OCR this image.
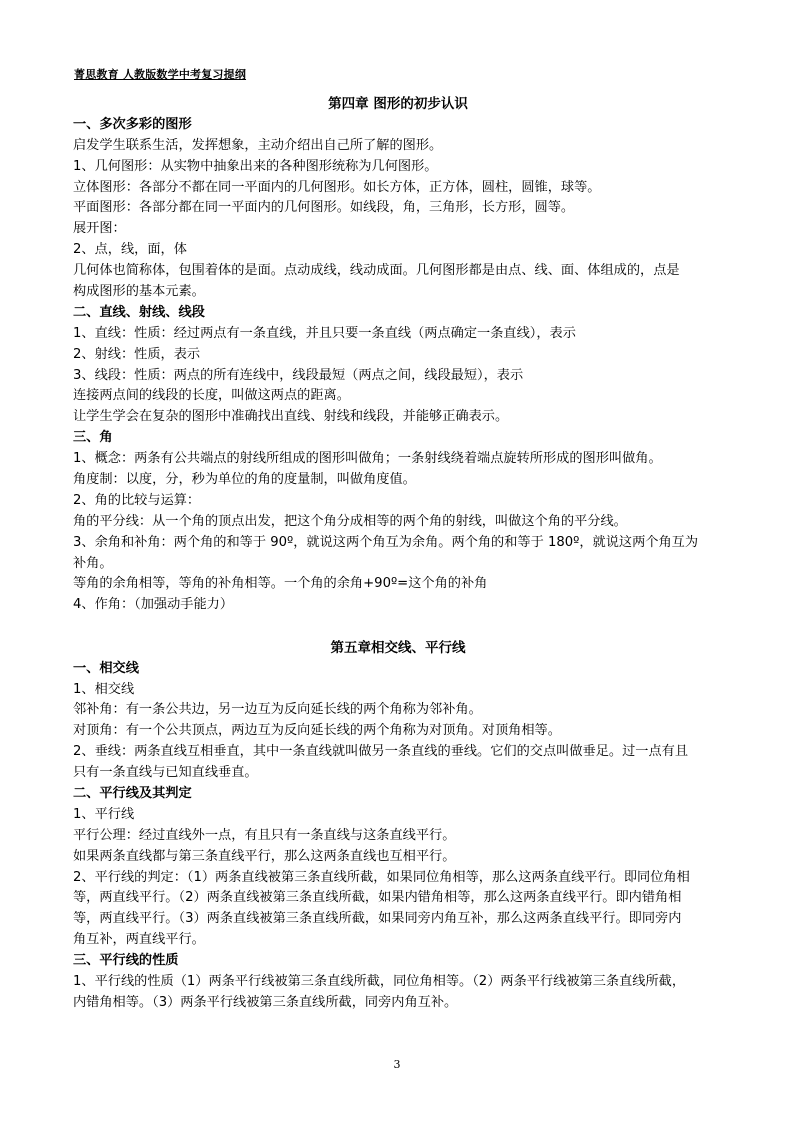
菁思教育 人教版数学中考复习提纲
第四章 图形的初步认识
一、多次多彩的图形
启发学生联系生活，发挥想象，主动介绍出自己所了解的图形。
1、几何图形：从实物中抽象出来的各种图形统称为几何图形。
立体图形：各部分不都在同一平面内的几何图形。如长方体，正方体，圆柱，圆锥，球等。
平面图形：各部分都在同一平面内的几何图形。如线段，角，三角形，长方形，圆等。
展开图：
2、点，线，面，体
几何体也简称体，包围着体的是面。点动成线，线动成面。几何图形都是由点、线、面、体组成的，点是
构成图形的基本元素。
二、直线、射线、线段
1、直线：性质：经过两点有一条直线，并且只要一条直线（两点确定一条直线），表示
2、射线：性质，表示
3、线段：性质：两点的所有连线中，线段最短（两点之间，线段最短），表示
连接两点间的线段的长度，叫做这两点的距离。
让学生学会在复杂的图形中准确找出直线、射线和线段，并能够正确表示。
三、角
1、概念：两条有公共端点的射线所组成的图形叫做角；一条射线绕着端点旋转所形成的图形叫做角。
角度制：以度，分，秒为单位的角的度量制，叫做角度值。
2、角的比较与运算：
角的平分线：从一个角的顶点出发，把这个角分成相等的两个角的射线，叫做这个角的平分线。
3、余角和补角：两个角的和等于 90º，就说这两个角互为余角。两个角的和等于 180º，就说这两个角互为
补角。
等角的余角相等，等角的补角相等。一个角的余角+90º=这个角的补角
4、作角：（加强动手能力）
第五章相交线、平行线
一、相交线
1、相交线
邻补角：有一条公共边，另一边互为反向延长线的两个角称为邻补角。
对顶角：有一个公共顶点，两边互为反向延长线的两个角称为对顶角。对顶角相等。
2、垂线：两条直线互相垂直，其中一条直线就叫做另一条直线的垂线。它们的交点叫做垂足。过一点有且
只有一条直线与已知直线垂直。
二、平行线及其判定
1、平行线
平行公理：经过直线外一点，有且只有一条直线与这条直线平行。
如果两条直线都与第三条直线平行，那么这两条直线也互相平行。
2、平行线的判定：（1）两条直线被第三条直线所截，如果同位角相等，那么这两条直线平行。即同位角相
等，两直线平行。（2）两条直线被第三条直线所截，如果内错角相等，那么这两条直线平行。即内错角相
等，两直线平行。（3）两条直线被第三条直线所截，如果同旁内角互补，那么这两条直线平行。即同旁内
角互补，两直线平行。
三、平行线的性质
1、平行线的性质（1）两条平行线被第三条直线所截，同位角相等。（2）两条平行线被第三条直线所截，
内错角相等。（3）两条平行线被第三条直线所截，同旁内角互补。
3
